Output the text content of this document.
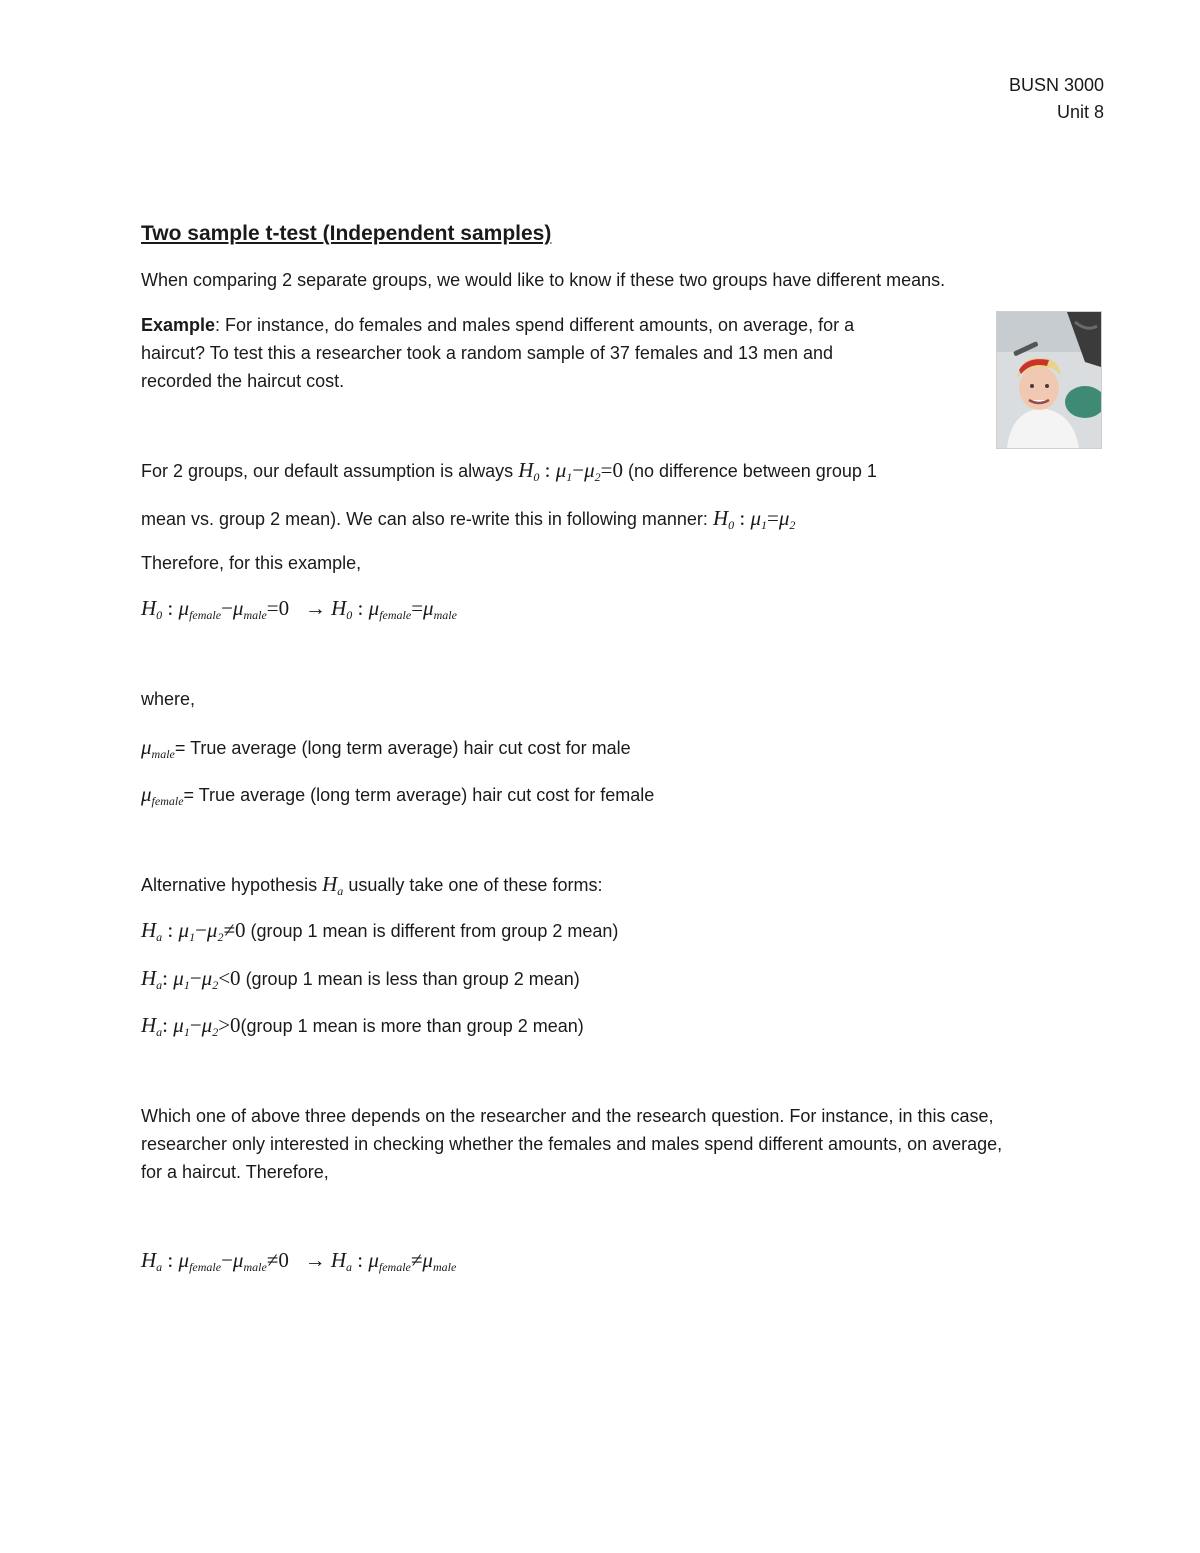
BUSN 3000
Unit 8
Two sample t-test (Independent samples)
When comparing 2 separate groups, we would like to know if these two groups have different means.
Example: For instance, do females and males spend different amounts, on average, for a
haircut? To test this a researcher took a random sample of 37 females and 13 men and
recorded the haircut cost.
For 2 groups, our default assumption is always $H_0$ : $\mu_1-\mu_2=0$ (no difference between group 1
mean vs. group 2 mean). We can also re-write this in following manner: $H_0$ : $\mu_1=\mu_2$
Therefore, for this example,
$H_0$ : $\mu_{female}-\mu_{male}=0 \to H_0$ : $\mu_{female}=\mu_{male}$
where,
$\mu_{male}=$ True average (long term average) hair cut cost for male
$\mu_{female}=$ True average (long term average) hair cut cost for female
Alternative hypothesis $H_a$ usually take one of these forms:
$H_a$ : $\mu_1-\mu_2\ne 0$ (group 1 mean is different from group 2 mean)
$H_a$: $\mu_1-\mu_2<0$ (group 1 mean is less than group 2 mean)
$H_a$: $\mu_1-\mu_2>0(group$ 1 mean is more than group 2 mean)
Which one of above three depends on the researcher and the research question. For instance, in this case,
researcher only interested in checking whether the females and males spend different amounts, on average,
for a haircut. Therefore,
$H_a$ : $\mu_{female}-\mu_{male}\ne 0 \to H_a$ : $\mu_{female}\ne\mu_{male}$
